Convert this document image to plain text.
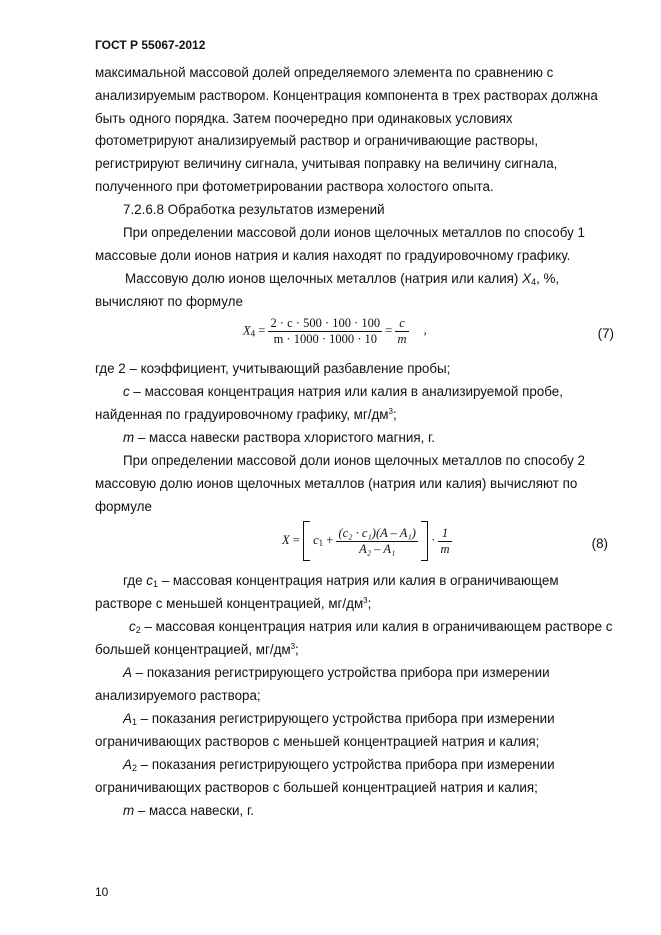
ГОСТ Р 55067-2012
максимальной массовой долей определяемого элемента по сравнению с
анализируемым раствором. Концентрация компонента в трех растворах должна
быть одного порядка. Затем поочередно при одинаковых условиях
фотометрируют анализируемый раствор и ограничивающие растворы,
регистрируют величину сигнала, учитывая поправку на величину сигнала,
полученного при фотометрировании раствора холостого опыта.
7.2.6.8 Обработка результатов измерений
При определении массовой доли ионов щелочных металлов по способу 1
массовые доли ионов натрия и калия находят по градуировочному графику.
Массовую долю ионов щелочных металлов (натрия или калия) $X_4$, %,
вычисляют по формуле
$X_4 = \frac{2 \cdot c \cdot 500 \cdot 100 \cdot 100}{m \cdot 1000 \cdot 1000 \cdot 10} = \frac{c}{m}$ ,	(7)
где 2 – коэффициент, учитывающий разбавление пробы;
c – массовая концентрация натрия или калия в анализируемой пробе,
найденная по градуировочному графику, $мг/дм^3$;
m – масса навески раствора хлористого магния, г.
При определении массовой доли ионов щелочных металлов по способу 2
массовую долю ионов щелочных металлов (натрия или калия) вычисляют по
формуле
$X = c_1 + \frac{\text{(c₂ · c₁)(A – A₁)}}{\text{A₂ – A₁}} \cdot \frac{1}{m}$	(8)
где $c_1$ – массовая концентрация натрия или калия в ограничивающем
растворе с меньшей концентрацией, $мг/дм^3$;
$c_2$ – массовая концентрация натрия или калия в ограничивающем растворе с
большей концентрацией, $мг/дм^3$;
A – показания регистрирующего устройства прибора при измерении
анализируемого раствора;
$A_1$ – показания регистрирующего устройства прибора при измерении
ограничивающих растворов с меньшей концентрацией натрия и калия;
$A_2$ – показания регистрирующего устройства прибора при измерении
ограничивающих растворов с большей концентрацией натрия и калия;
m – масса навески, г.
10
